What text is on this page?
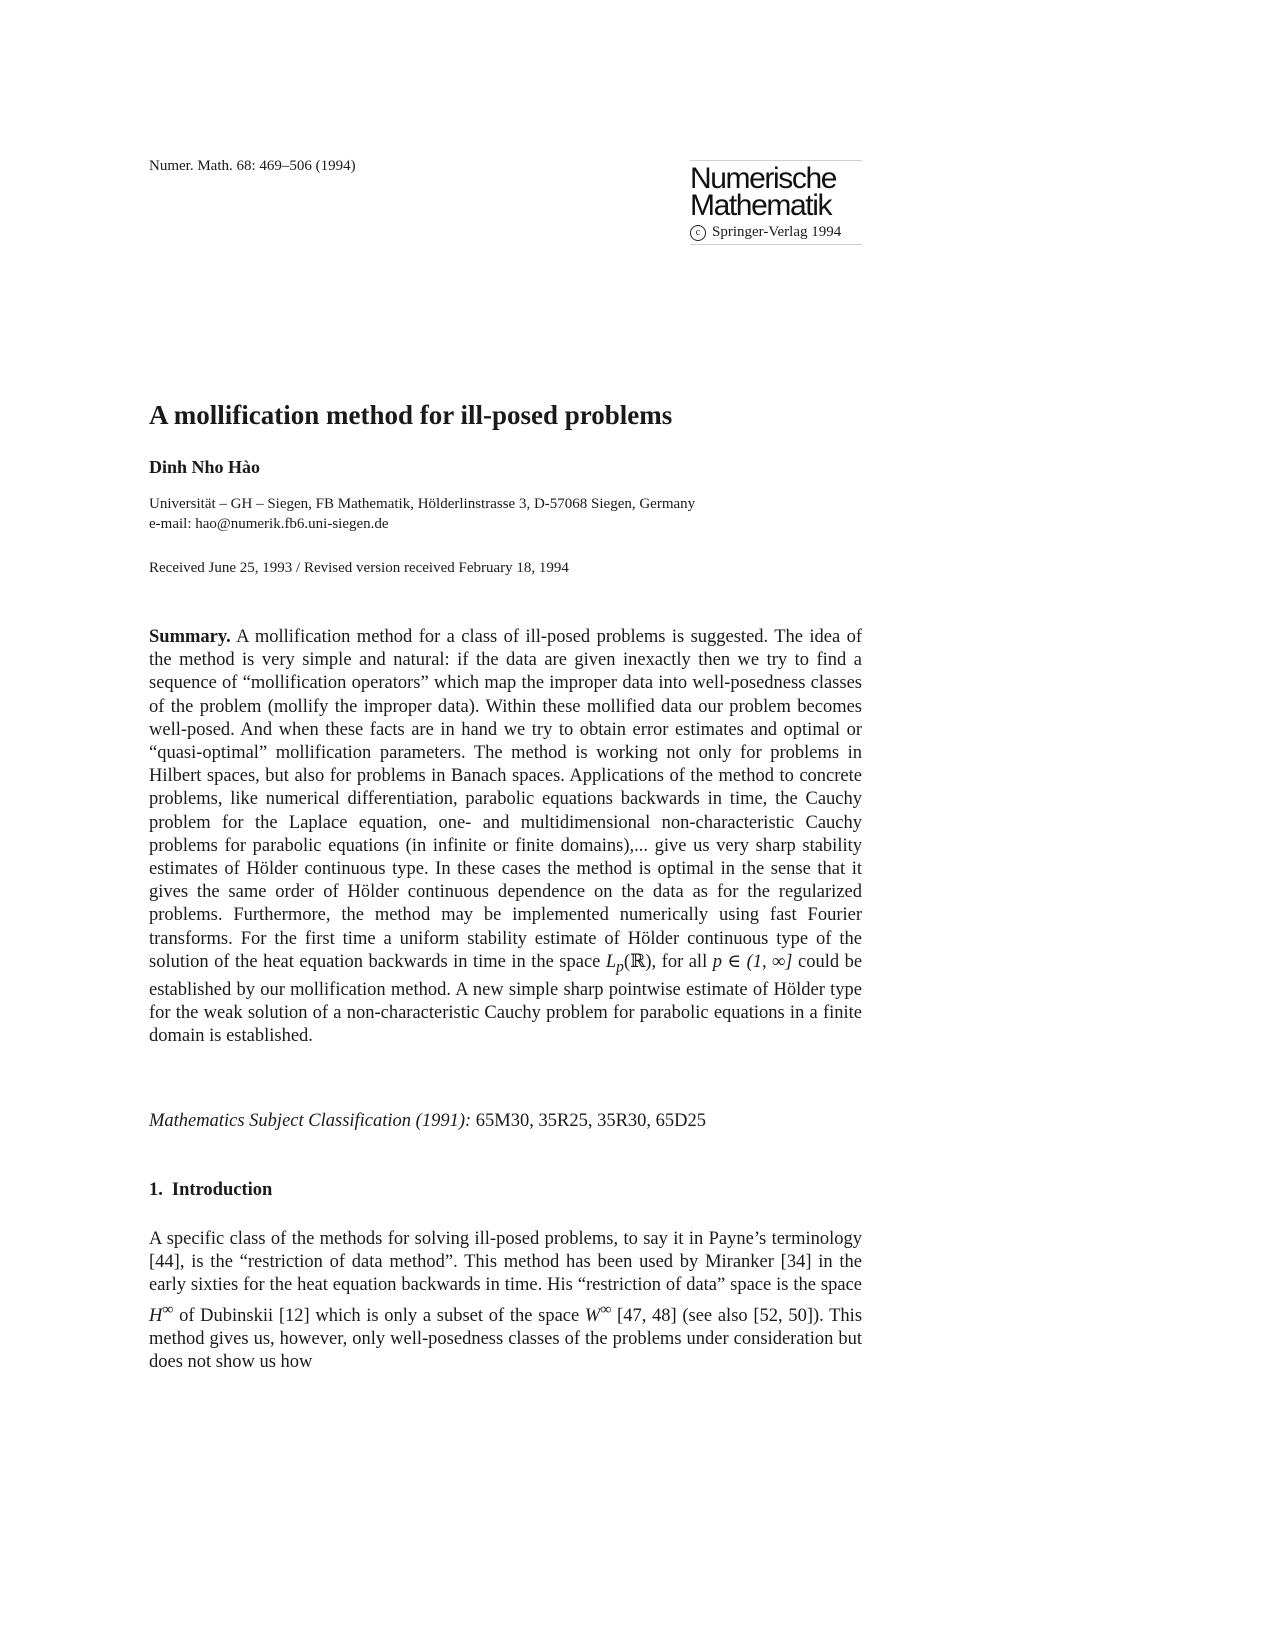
Numer. Math. 68: 469–506 (1994)	Numerische
Mathematik
c Springer-Verlag 1994
A mollification method for ill-posed problems
Dinh Nho Hào
Universität – GH – Siegen, FB Mathematik, Hölderlinstrasse 3, D-57068 Siegen, Germany
e-mail: hao@numerik.fb6.uni-siegen.de
Received June 25, 1993 / Revised version received February 18, 1994
Summary. A mollification method for a class of ill-posed problems is suggested. The idea of the method is very simple and natural: if the data are given inexactly then we try to find a sequence of “mollification operators” which map the improper data into well-posedness classes of the problem (mollify the improper data). Within these mollified data our problem becomes well-posed. And when these facts are in hand we try to obtain error estimates and optimal or “quasi-optimal” mollification parameters. The method is working not only for problems in Hilbert spaces, but also for problems in Banach spaces. Applications of the method to concrete problems, like numerical differentiation, parabolic equations backwards in time, the Cauchy problem for the Laplace equation, one- and multidimensional non-characteristic Cauchy problems for parabolic equations (in infinite or finite domains),... give us very sharp stability estimates of Hölder continuous type. In these cases the method is optimal in the sense that it gives the same order of Hölder continuous dependence on the data as for the regularized problems. Furthermore, the method may be implemented numerically using fast Fourier transforms. For the first time a uniform stability estimate of Hölder continuous type of the solution of the heat equation backwards in time in the space $L_p(ℝ)$, for all p ∈ (1, ∞] could be established by our mollification method. A new simple sharp pointwise estimate of Hölder type for the weak solution of a non-characteristic Cauchy problem for parabolic equations in a finite domain is established.
Mathematics Subject Classification (1991): 65M30, 35R25, 35R30, 65D25
1. Introduction
A specific class of the methods for solving ill-posed problems, to say it in Payne’s terminology [44], is the “restriction of data method”. This method has been used by Miranker [34] in the early sixties for the heat equation backwards in time. His “restriction of data” space is the space H∞ of Dubinskii [12] which is only a subset of the space W∞ [47, 48] (see also [52, 50]). This method gives us, however, only well-posedness classes of the problems under consideration but does not show us how
